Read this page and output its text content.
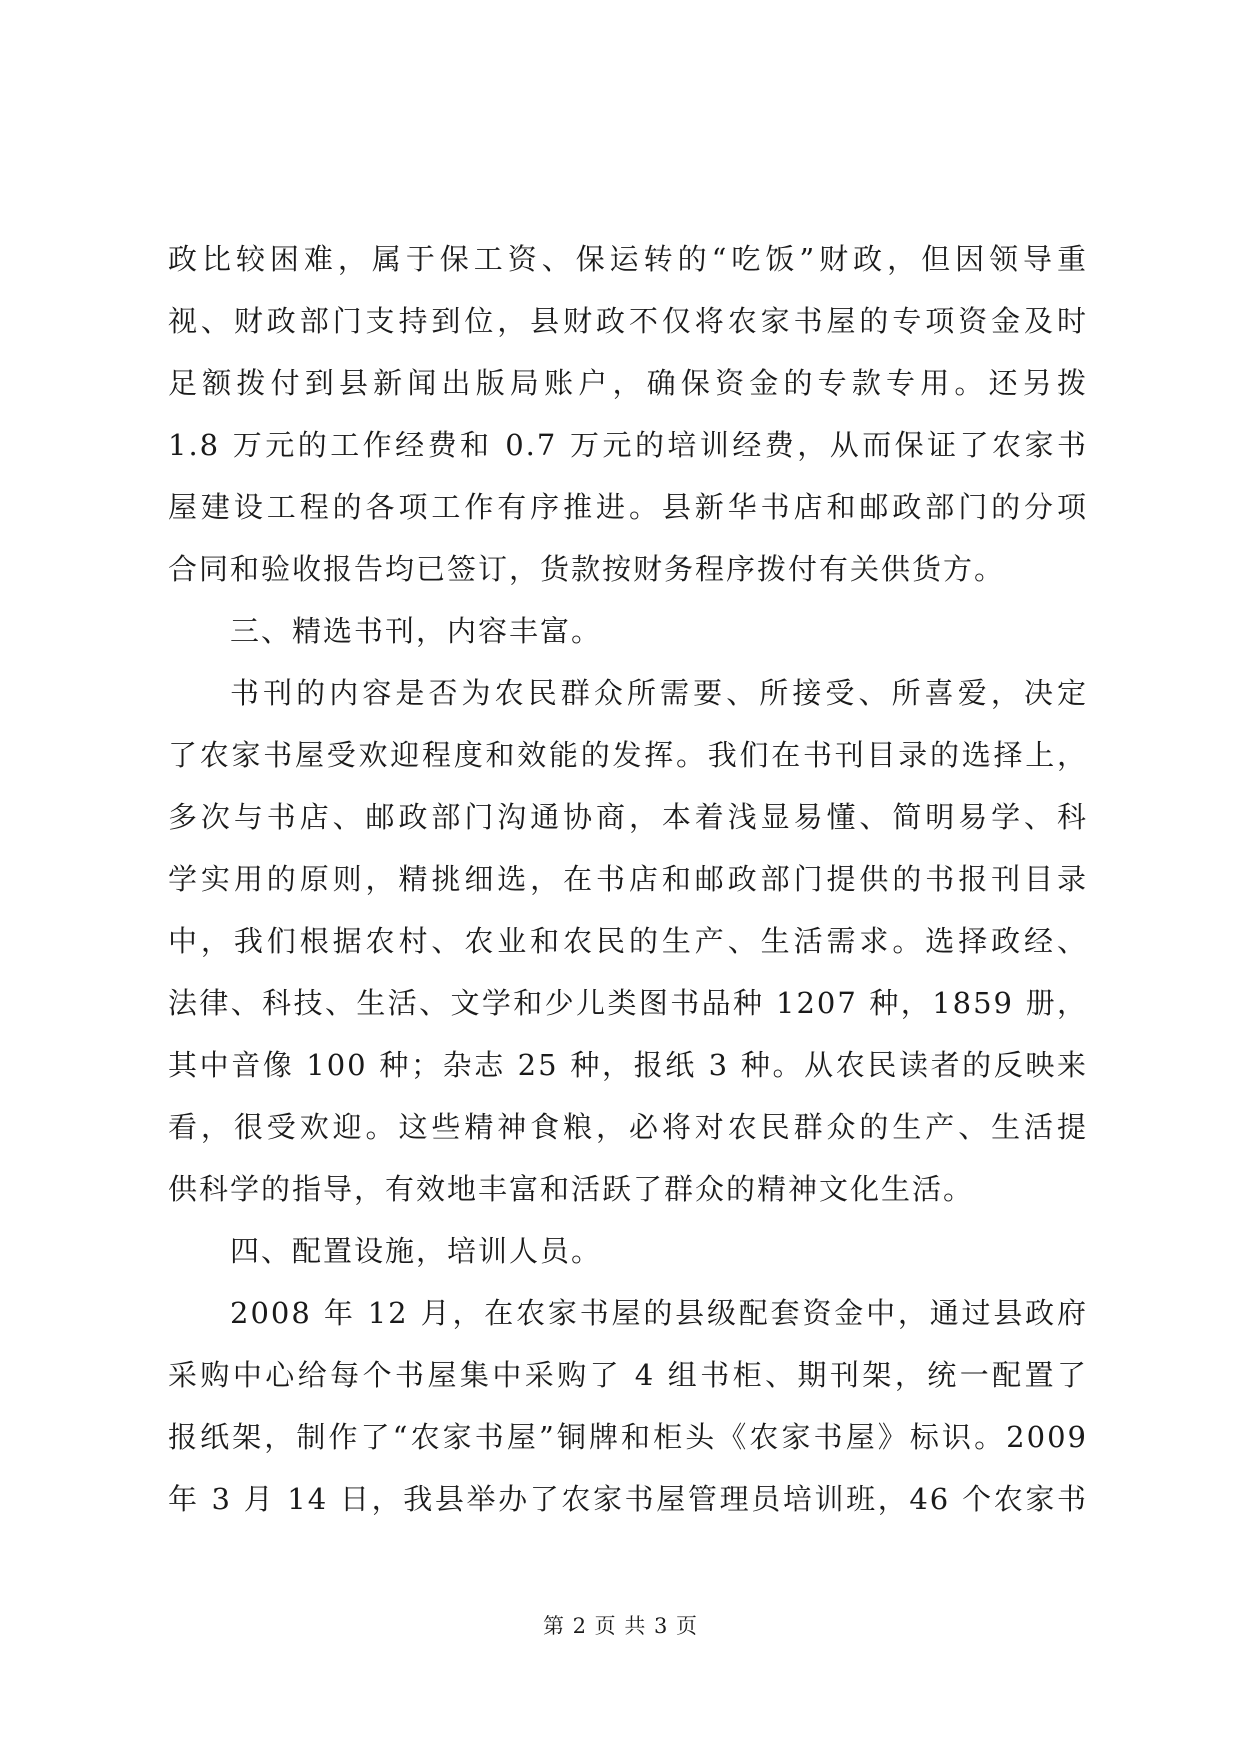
政比较困难，属于保工资、保运转的“吃饭”财政，但因领导重
视、财政部门支持到位，县财政不仅将农家书屋的专项资金及时
足额拨付到县新闻出版局账户，确保资金的专款专用。还另拨
1.8 万元的工作经费和 0.7 万元的培训经费，从而保证了农家书
屋建设工程的各项工作有序推进。县新华书店和邮政部门的分项
合同和验收报告均已签订，货款按财务程序拨付有关供货方。
三、精选书刊，内容丰富。
书刊的内容是否为农民群众所需要、所接受、所喜爱，决定
了农家书屋受欢迎程度和效能的发挥。我们在书刊目录的选择上，
多次与书店、邮政部门沟通协商，本着浅显易懂、简明易学、科
学实用的原则，精挑细选，在书店和邮政部门提供的书报刊目录
中，我们根据农村、农业和农民的生产、生活需求。选择政经、
法律、科技、生活、文学和少儿类图书品种 1207 种，1859 册，
其中音像 100 种；杂志 25 种，报纸 3 种。从农民读者的反映来
看，很受欢迎。这些精神食粮，必将对农民群众的生产、生活提
供科学的指导，有效地丰富和活跃了群众的精神文化生活。
四、配置设施，培训人员。
2008 年 12 月，在农家书屋的县级配套资金中，通过县政府
采购中心给每个书屋集中采购了 4 组书柜、期刊架，统一配置了
报纸架，制作了“农家书屋”铜牌和柜头《农家书屋》标识。2009
年 3 月 14 日，我县举办了农家书屋管理员培训班，46 个农家书
第 2 页 共 3 页
